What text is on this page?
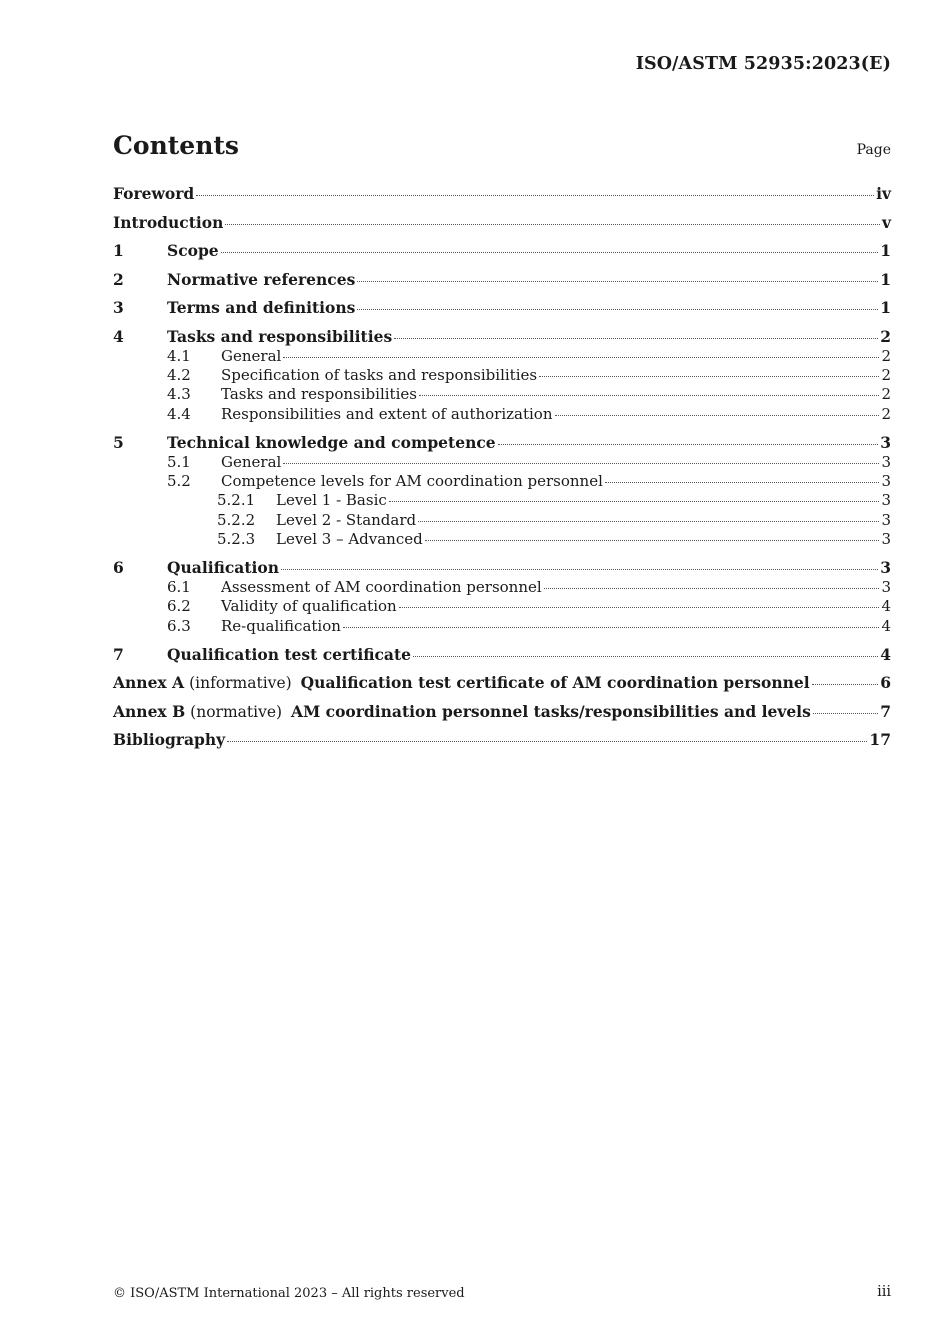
ISO/ASTM 52935:2023(E)
Contents	Page
Foreword	iv
Introduction	v
1	Scope	1
2	Normative references	1
3	Terms and definitions	1
4	Tasks and responsibilities	2
4.1	General	2
4.2	Specification of tasks and responsibilities	2
4.3	Tasks and responsibilities	2
4.4	Responsibilities and extent of authorization	2
5	Technical knowledge and competence	3
5.1	General	3
5.2	Competence levels for AM coordination personnel	3
5.2.1	Level 1 - Basic	3
5.2.2	Level 2 - Standard	3
5.2.3	Level 3 – Advanced	3
6	Qualification	3
6.1	Assessment of AM coordination personnel	3
6.2	Validity of qualification	4
6.3	Re-qualification	4
7	Qualification test certificate	4
Annex A (informative) Qualification test certificate of AM coordination personnel	6
Annex B (normative) AM coordination personnel tasks/responsibilities and levels	7
Bibliography	17
© ISO/ASTM International 2023 – All rights reserved	iii
